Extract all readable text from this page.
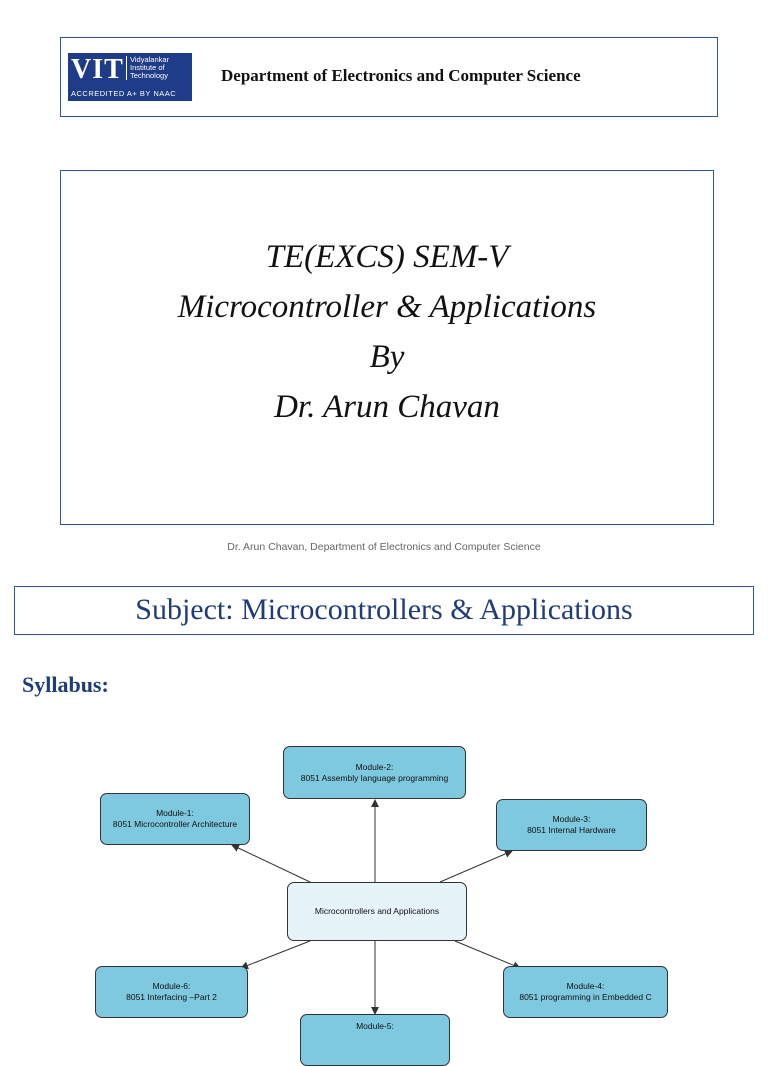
VIT Vidyalankar
Institute of
Technology
ACCREDITED A+ BY NAAC
Department of Electronics and Computer Science
TE(EXCS) SEM-V
Microcontroller & Applications
By
Dr. Arun Chavan
Dr. Arun Chavan, Department of Electronics and Computer Science
Subject: Microcontrollers & Applications
Syllabus:
Module-2:
8051 Assembly language programming
Module-1:
8051 Microcontroller Architecture	Module-3:
8051 Internal Hardware
Microcontrollers and Applications
Module-6:
8051 Interfacing –Part 2
Module-4:
8051 programming in Embedded C
Module-5:
